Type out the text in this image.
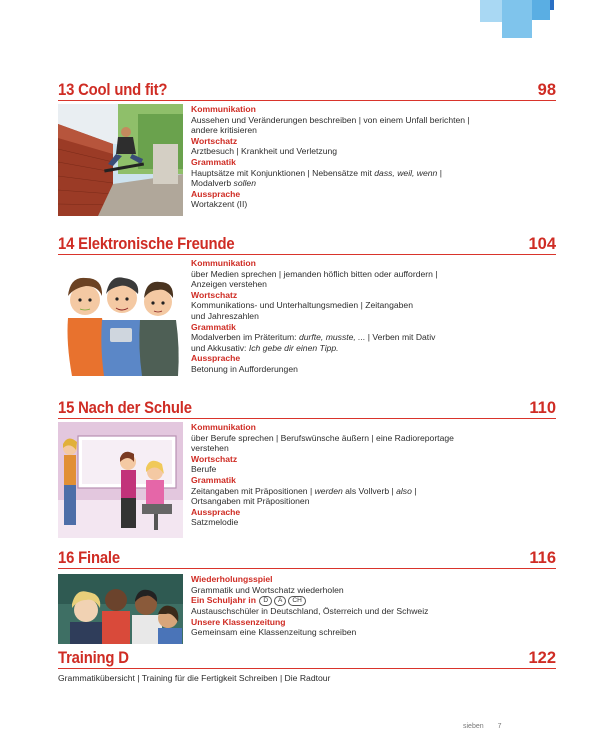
13 Cool und fit?	98
Kommunikation
Aussehen und Veränderungen beschreiben | von einem Unfall berichten |
andere kritisieren
Wortschatz
Arztbesuch | Krankheit und Verletzung
Grammatik
Hauptsätze mit Konjunktionen | Nebensätze mit dass, weil, wenn |
Modalverb sollen
Aussprache
Wortakzent (II)
14 Elektronische Freunde	104
Kommunikation
über Medien sprechen | jemanden höflich bitten oder auffordern |
Anzeigen verstehen
Wortschatz
Kommunikations- und Unterhaltungsmedien | Zeitangaben
und Jahreszahlen
Grammatik
Modalverben im Präteritum: durfte, musste, ... | Verben mit Dativ
und Akkusativ: Ich gebe dir einen Tipp.
Aussprache
Betonung in Aufforderungen
15 Nach der Schule	110
Kommunikation
über Berufe sprechen | Berufswünsche äußern | eine Radioreportage
verstehen
Wortschatz
Berufe
Grammatik
Zeitangaben mit Präpositionen | werden als Vollverb | also |
Ortsangaben mit Präpositionen
Aussprache
Satzmelodie
16 Finale	116
Wiederholungsspiel
Grammatik und Wortschatz wiederholen
Ein Schuljahr in D A CH
Austauschschüler in Deutschland, Österreich und der Schweiz
Unsere Klassenzeitung
Gemeinsam eine Klassenzeitung schreiben
Training D	122
Grammatikübersicht | Training für die Fertigkeit Schreiben | Die Radtour
sieben 7
